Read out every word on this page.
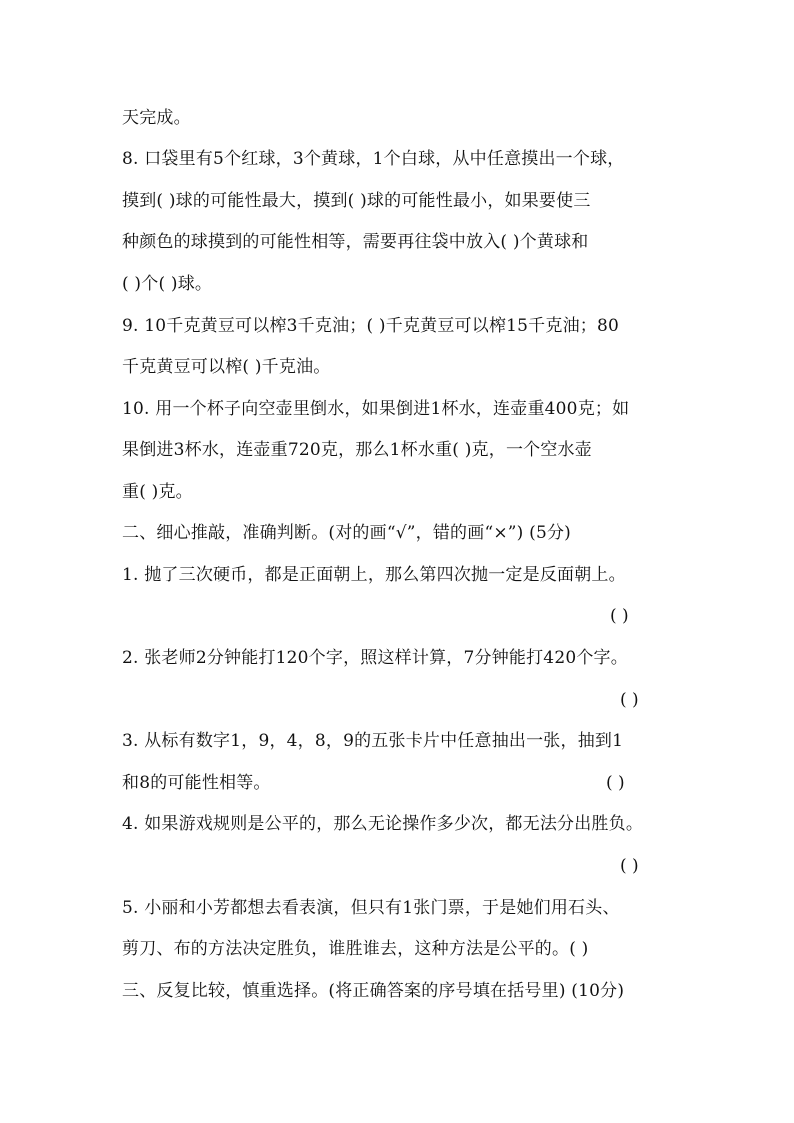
天完成。
8. 口袋里有5个红球，3个黄球，1个白球，从中任意摸出一个球，
摸到( )球的可能性最大，摸到( )球的可能性最小，如果要使三
种颜色的球摸到的可能性相等，需要再往袋中放入( )个黄球和
( )个( )球。
9. 10千克黄豆可以榨3千克油；( )千克黄豆可以榨15千克油；80
千克黄豆可以榨( )千克油。
10. 用一个杯子向空壶里倒水，如果倒进1杯水，连壶重400克；如
果倒进3杯水，连壶重720克，那么1杯水重( )克，一个空水壶
重( )克。
二、细心推敲，准确判断。(对的画“√”，错的画“×”) (5分)
1. 抛了三次硬币，都是正面朝上，那么第四次抛一定是反面朝上。
( )
2. 张老师2分钟能打120个字，照这样计算，7分钟能打420个字。
( )
3. 从标有数字1，9，4，8，9的五张卡片中任意抽出一张，抽到1
和8的可能性相等。	( )
4. 如果游戏规则是公平的，那么无论操作多少次，都无法分出胜负。
( )
5. 小丽和小芳都想去看表演，但只有1张门票，于是她们用石头、
剪刀、布的方法决定胜负，谁胜谁去，这种方法是公平的。( )
三、反复比较，慎重选择。(将正确答案的序号填在括号里) (10分)
